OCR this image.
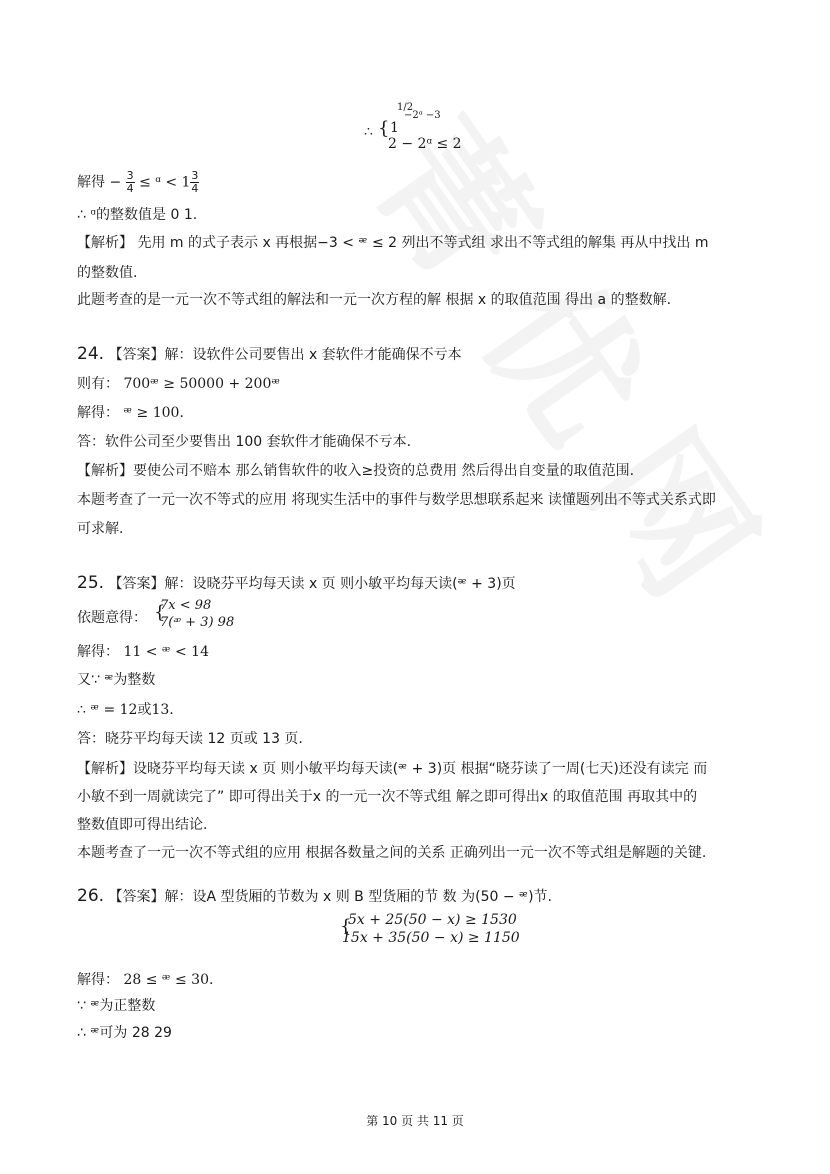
∴ { 1
1/2
−2ᵅ −3
2 − 2ᵅ ≤ 2
解得 − $\frac{3}{4}$ ≤ ᵅ < $1 \frac{3}{4}$
∴ ᵅ的整数值是 0 1.
【解析】 先用 m 的式子表示 x 再根据−3 < ᵆ ≤ 2 列出不等式组 求出不等式组的解集 再从中找出 m
的整数值.
此题考查的是一元一次不等式组的解法和一元一次方程的解 根据 x 的取值范围 得出 a 的整数解.
24. 【答案】解：设软件公司要售出 x 套软件才能确保不亏本
则有： 700ᵆ ≥ 50000 + 200ᵆ
解得： ᵆ ≥ 100.
答：软件公司至少要售出 100 套软件才能确保不亏本.
【解析】要使公司不赔本 那么销售软件的收入≥投资的总费用 然后得出自变量的取值范围.
本题考查了一元一次不等式的应用 将现实生活中的事件与数学思想联系起来 读懂题列出不等式关系式即
可求解.
25. 【答案】解：设晓芬平均每天读 x 页 则小敏平均每天读(ᵆ + 3)页
依题意得： {
7x < 98
7(ᵆ + 3) 98
解得： 11 < ᵆ < 14
又∵ ᵆ为整数
∴ ᵆ = 12或13.
答：晓芬平均每天读 12 页或 13 页.
【解析】设晓芬平均每天读 x 页 则小敏平均每天读(ᵆ + 3)页 根据“晓芬读了一周(七天)还没有读完 而
小敏不到一周就读完了” 即可得出关于x 的一元一次不等式组 解之即可得出x 的取值范围 再取其中的
整数值即可得出结论.
本题考查了一元一次不等式组的应用 根据各数量之间的关系 正确列出一元一次不等式组是解题的关键.
26. 【答案】解：设A 型货厢的节数为 x 则 B 型货厢的节 数 为(50 − ᵆ)节.
{
5x + 25(50 − x) ≥ 1530
15x + 35(50 − x) ≥ 1150
解得： 28 ≤ ᵆ ≤ 30.
∵ ᵆ为正整数
∴ ᵆ可为 28 29
第 10 页 共 11 页
